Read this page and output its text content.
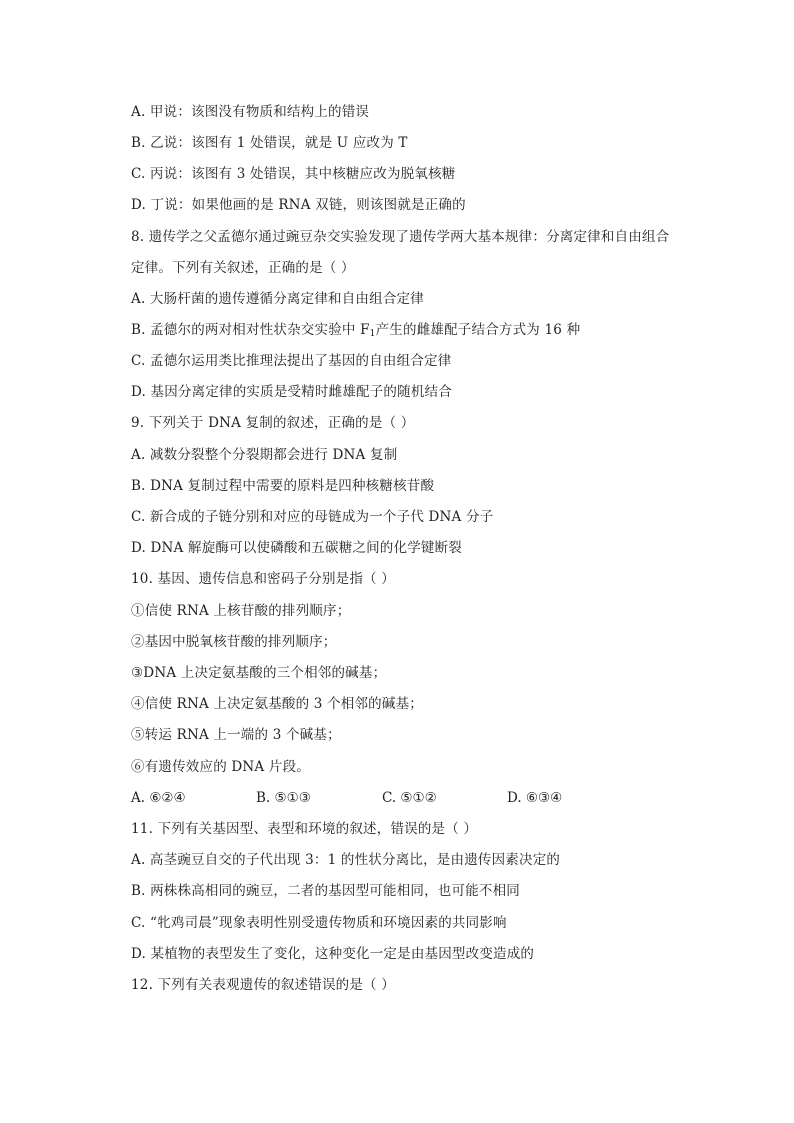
A. 甲说：该图没有物质和结构上的错误
B. 乙说：该图有 1 处错误，就是 U 应改为 T
C. 丙说：该图有 3 处错误，其中核糖应改为脱氧核糖
D. 丁说：如果他画的是 RNA 双链，则该图就是正确的
8. 遗传学之父孟德尔通过豌豆杂交实验发现了遗传学两大基本规律：分离定律和自由组合
定律。下列有关叙述，正确的是（ ）
A. 大肠杆菌的遗传遵循分离定律和自由组合定律
B. 孟德尔的两对相对性状杂交实验中 $F_1$产生的雌雄配子结合方式为 16 种
C. 孟德尔运用类比推理法提出了基因的自由组合定律
D. 基因分离定律的实质是受精时雌雄配子的随机结合
9. 下列关于 DNA 复制的叙述，正确的是（ ）
A. 减数分裂整个分裂期都会进行 DNA 复制
B. DNA 复制过程中需要的原料是四种核糖核苷酸
C. 新合成的子链分别和对应的母链成为一个子代 DNA 分子
D. DNA 解旋酶可以使磷酸和五碳糖之间的化学键断裂
10. 基因、遗传信息和密码子分别是指（ ）
①信使 RNA 上核苷酸的排列顺序；
②基因中脱氧核苷酸的排列顺序；
③DNA 上决定氨基酸的三个相邻的碱基；
④信使 RNA 上决定氨基酸的 3 个相邻的碱基；
⑤转运 RNA 上一端的 3 个碱基；
⑥有遗传效应的 DNA 片段。
A. ⑥②④	B. ⑤①③	C. ⑤①②	D. ⑥③④
11. 下列有关基因型、表型和环境的叙述，错误的是（ ）
A. 高茎豌豆自交的子代出现 3：1 的性状分离比，是由遗传因素决定的
B. 两株株高相同的豌豆，二者的基因型可能相同，也可能不相同
C. “牝鸡司晨”现象表明性别受遗传物质和环境因素的共同影响
D. 某植物的表型发生了变化，这种变化一定是由基因型改变造成的
12. 下列有关表观遗传的叙述错误的是（ ）
